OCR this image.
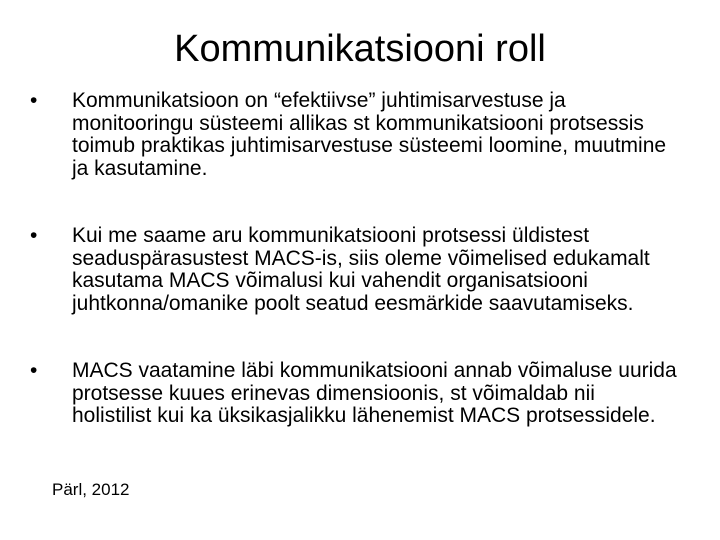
Kommunikatsiooni roll
•	Kommunikatsioon on “efektiivse” juhtimisarvestuse ja monitooringu süsteemi allikas st kommunikatsiooni protsessis toimub praktikas juhtimisarvestuse süsteemi loomine, muutmine ja kasutamine.
•	Kui me saame aru kommunikatsiooni protsessi üldistest seaduspärasustest MACS-is, siis oleme võimelised edukamalt kasutama MACS võimalusi kui vahendit organisatsiooni juhtkonna/omanike poolt seatud eesmärkide saavutamiseks.
•	MACS vaatamine läbi kommunikatsiooni annab võimaluse uurida protsesse kuues erinevas dimensioonis, st võimaldab nii holistilist kui ka üksikasjalikku lähenemist MACS protsessidele.
Pärl, 2012
